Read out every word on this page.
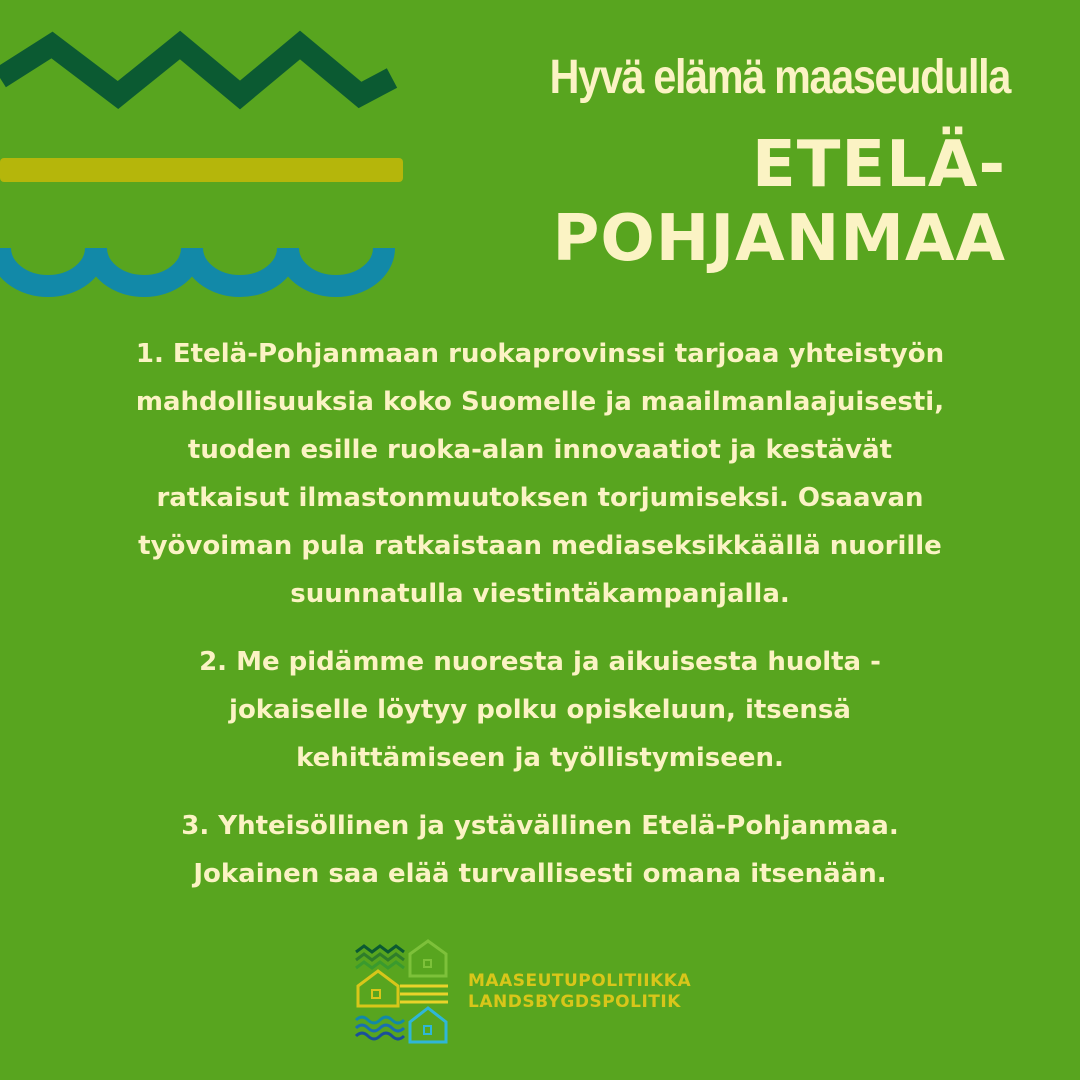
Hyvä elämä maaseudulla
ETELÄ-
POHJANMAA
1. Etelä-Pohjanmaan ruokaprovinssi tarjoaa yhteistyön
mahdollisuuksia koko Suomelle ja maailmanlaajuisesti,
tuoden esille ruoka-alan innovaatiot ja kestävät
ratkaisut ilmastonmuutoksen torjumiseksi. Osaavan
työvoiman pula ratkaistaan mediaseksikkäällä nuorille
suunnatulla viestintäkampanjalla.
2. Me pidämme nuoresta ja aikuisesta huolta -
jokaiselle löytyy polku opiskeluun, itsensä
kehittämiseen ja työllistymiseen.
3. Yhteisöllinen ja ystävällinen Etelä-Pohjanmaa.
Jokainen saa elää turvallisesti omana itsenään.
MAASEUTUPOLITIIKKA
LANDSBYGDSPOLITIK
